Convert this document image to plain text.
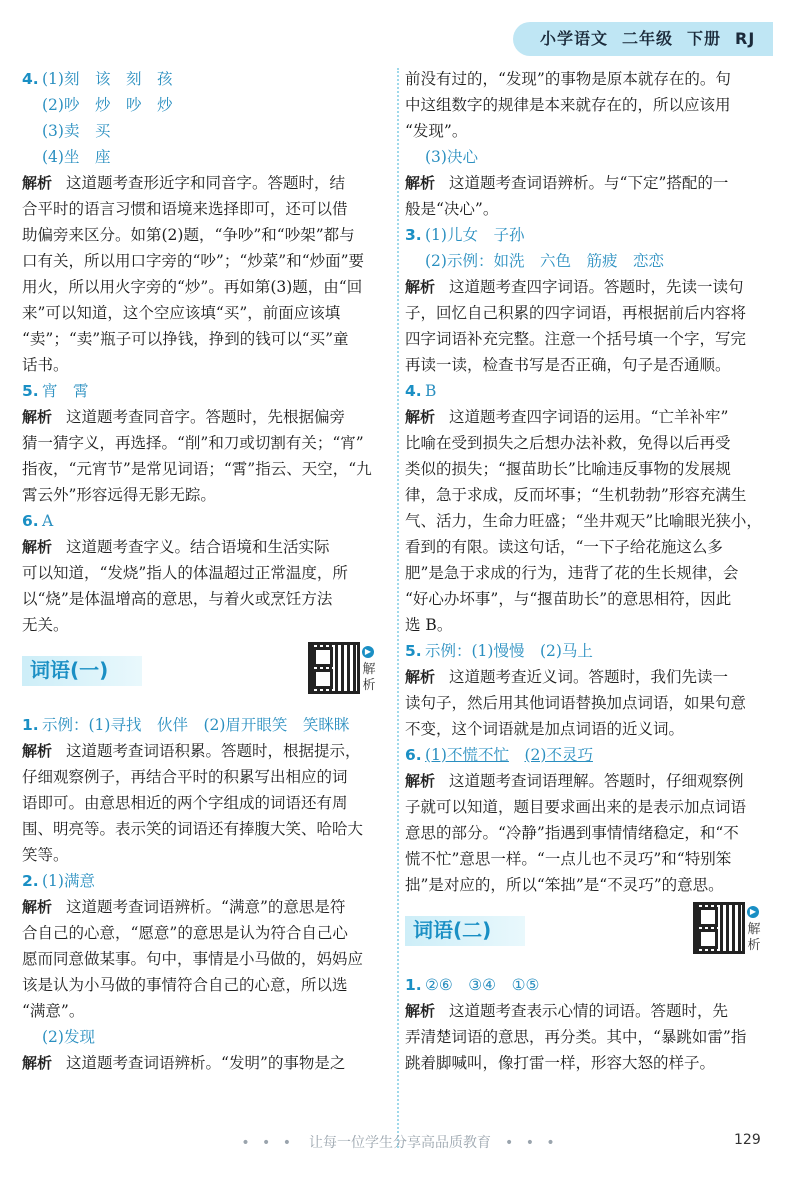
小学语文 二年级 下册 RJ
4. (1)刻　该　刻　孩
(2)吵　炒　吵　炒
(3)卖　买
(4)坐　座
解析 这道题考查形近字和同音字。答题时，结
合平时的语言习惯和语境来选择即可，还可以借
助偏旁来区分。如第(2)题，“争吵”和“吵架”都与
口有关，所以用口字旁的“吵”；“炒菜”和“炒面”要
用火，所以用火字旁的“炒”。再如第(3)题，由“回
来”可以知道，这个空应该填“买”，前面应该填
“卖”；“卖”瓶子可以挣钱，挣到的钱可以“买”童
话书。
5. 宵　霄
解析 这道题考查同音字。答题时，先根据偏旁
猜一猜字义，再选择。“削”和刀或切割有关；“宵”
指夜，“元宵节”是常见词语；“霄”指云、天空，“九
霄云外”形容远得无影无踪。
6. A
解析 这道题考查字义。结合语境和生活实际
可以知道，“发烧”指人的体温超过正常温度，所
以“烧”是体温增高的意思，与着火或烹饪方法
无关。
词语(一)
▶
解析
1. 示例：(1)寻找　伙伴　(2)眉开眼笑　笑眯眯
解析 这道题考查词语积累。答题时，根据提示，
仔细观察例子，再结合平时的积累写出相应的词
语即可。由意思相近的两个字组成的词语还有周
围、明亮等。表示笑的词语还有捧腹大笑、哈哈大
笑等。
2. (1)满意
解析 这道题考查词语辨析。“满意”的意思是符
合自己的心意，“愿意”的意思是认为符合自己心
愿而同意做某事。句中，事情是小马做的，妈妈应
该是认为小马做的事情符合自己的心意，所以选
“满意”。
(2)发现
解析 这道题考查词语辨析。“发明”的事物是之
前没有过的，“发现”的事物是原本就存在的。句
中这组数字的规律是本来就存在的，所以应该用
“发现”。
(3)决心
解析 这道题考查词语辨析。与“下定”搭配的一
般是“决心”。
3. (1)儿女　子孙
(2)示例：如洗　六色　筋疲　恋恋
解析 这道题考查四字词语。答题时，先读一读句
子，回忆自己积累的四字词语，再根据前后内容将
四字词语补充完整。注意一个括号填一个字，写完
再读一读，检查书写是否正确，句子是否通顺。
4. B
解析 这道题考查四字词语的运用。“亡羊补牢”
比喻在受到损失之后想办法补救，免得以后再受
类似的损失；“揠苗助长”比喻违反事物的发展规
律，急于求成，反而坏事；“生机勃勃”形容充满生
气、活力，生命力旺盛；“坐井观天”比喻眼光狭小，
看到的有限。读这句话，“一下子给花施这么多
肥”是急于求成的行为，违背了花的生长规律，会
“好心办坏事”，与“揠苗助长”的意思相符，因此
选 B。
5. 示例：(1)慢慢　(2)马上
解析 这道题考查近义词。答题时，我们先读一
读句子，然后用其他词语替换加点词语，如果句意
不变，这个词语就是加点词语的近义词。
6. (1)不慌不忙　 (2)不灵巧
解析 这道题考查词语理解。答题时，仔细观察例
子就可以知道，题目要求画出来的是表示加点词语
意思的部分。“冷静”指遇到事情情绪稳定，和“不
慌不忙”意思一样。“一点儿也不灵巧”和“特别笨
拙”是对应的，所以“笨拙”是“不灵巧”的意思。
词语(二)
▶
解析
1. ②⑥　③④　①⑤
解析 这道题考查表示心情的词语。答题时，先
弄清楚词语的意思，再分类。其中，“暴跳如雷”指
跳着脚喊叫，像打雷一样，形容大怒的样子。
• • • 让每一位学生分享高品质教育 • • •	129
